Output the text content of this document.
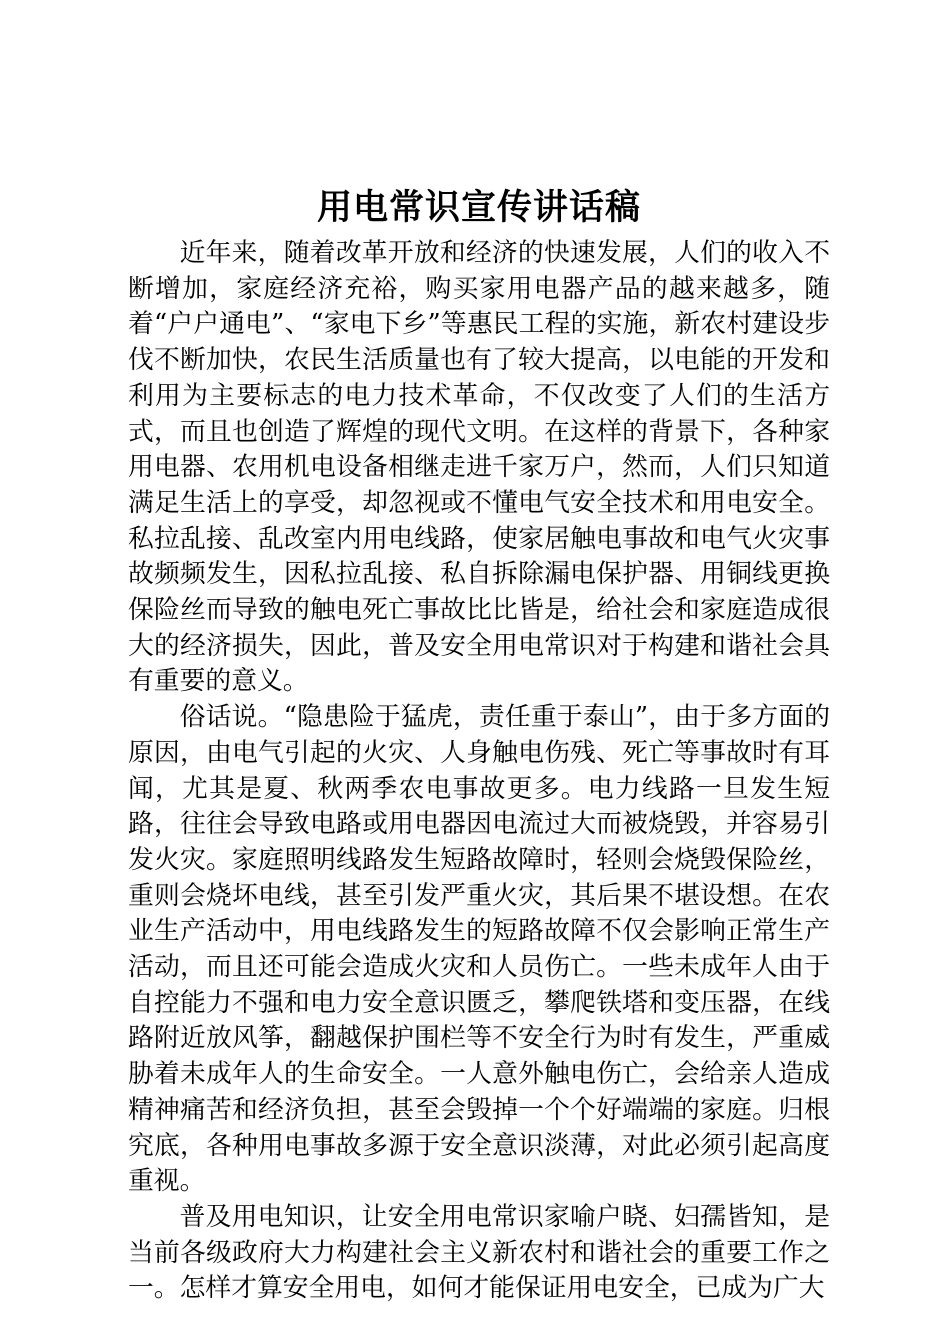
用电常识宣传讲话稿

近年来，随着改革开放和经济的快速发展，人们的收入不断增加，家庭经济充裕，购买家用电器产品的越来越多，随着“户户通电”、“家电下乡”等惠民工程的实施，新农村建设步伐不断加快，农民生活质量也有了较大提高，以电能的开发和利用为主要标志的电力技术革命，不仅改变了人们的生活方式，而且也创造了辉煌的现代文明。在这样的背景下，各种家用电器、农用机电设备相继走进千家万户，然而，人们只知道满足生活上的享受，却忽视或不懂电气安全技术和用电安全。私拉乱接、乱改室内用电线路，使家居触电事故和电气火灾事故频频发生，因私拉乱接、私自拆除漏电保护器、用铜线更换保险丝而导致的触电死亡事故比比皆是，给社会和家庭造成很大的经济损失，因此，普及安全用电常识对于构建和谐社会具有重要的意义。

俗话说。“隐患险于猛虎，责任重于泰山”，由于多方面的原因，由电气引起的火灾、人身触电伤残、死亡等事故时有耳闻，尤其是夏、秋两季农电事故更多。电力线路一旦发生短路，往往会导致电路或用电器因电流过大而被烧毁，并容易引发火灾。家庭照明线路发生短路故障时，轻则会烧毁保险丝，重则会烧坏电线，甚至引发严重火灾，其后果不堪设想。在农业生产活动中，用电线路发生的短路故障不仅会影响正常生产活动，而且还可能会造成火灾和人员伤亡。一些未成年人由于自控能力不强和电力安全意识匮乏，攀爬铁塔和变压器，在线路附近放风筝，翻越保护围栏等不安全行为时有发生，严重威胁着未成年人的生命安全。一人意外触电伤亡，会给亲人造成精神痛苦和经济负担，甚至会毁掉一个个好端端的家庭。归根究底，各种用电事故多源于安全意识淡薄，对此必须引起高度重视。

普及用电知识，让安全用电常识家喻户晓、妇孺皆知，是当前各级政府大力构建社会主义新农村和谐社会的重要工作之一。怎样才算安全用电，如何才能保证用电安全，已成为广大
